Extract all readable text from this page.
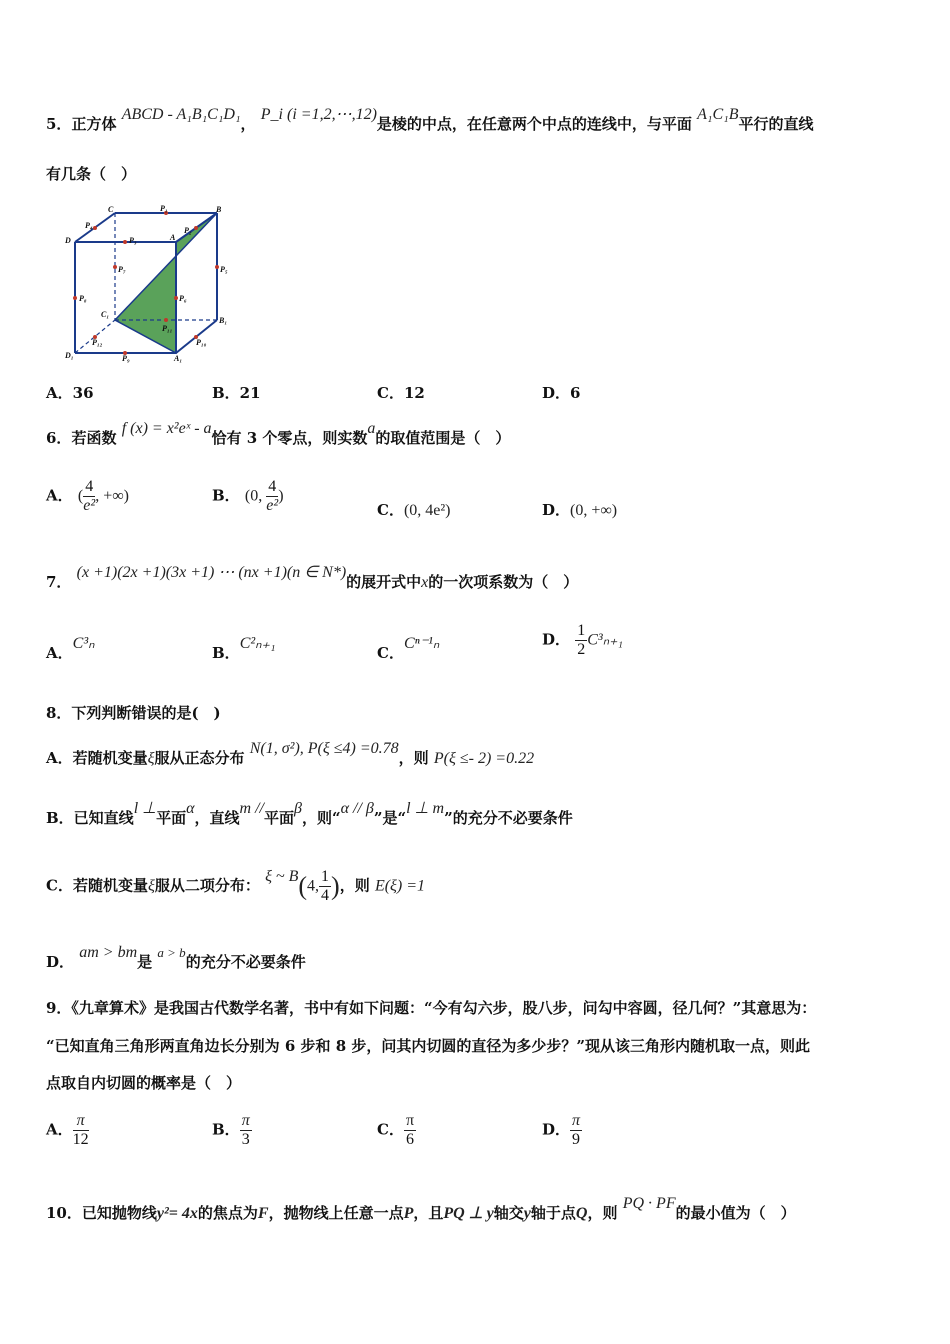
5．正方体 ABCD - A₁B₁C₁D₁， P_i (i =1,2,⋯,12)是棱的中点，在任意两个中点的连线中，与平面 A₁C₁B平行的直线
有几条（　）
C	B
D	A
C₁
B₁
D₁	A₁
P₁
P₂
P₃
P₄
P₅
P₆
P₇
P₈
P₉
P₁₀
P₁₁
P₁₂
A．36	B．21	C．12	D．6
6．若函数 f (x) = x²eˣ - a恰有 3 个零点，则实数a的取值范围是（　）
A． ( $\frac{4}{\text{e²}}$ , +∞)	B． (0, $\frac{4}{\text{e²}}$ )
C．(0, 4e²)	D．(0, +∞)
7． (x +1)(2x +1)(3x +1) ⋯ (nx +1)(n ∈ N*)的展开式中x的一次项系数为（　）
A．C³ₙ
B．C²ₙ₊₁
C．Cⁿ⁻¹ₙ	D． $\frac{1}{2} C^3_{n+1}$
8．下列判断错误的是(　)
A．若随机变量ξ服从正态分布 N(1, σ²), P(ξ ≤4) =0.78，则 P(ξ ≤- 2) =0.22
B．已知直线l ⊥平面α，直线m //平面β，则“α // β”是“l ⊥ m”的充分不必要条件
C．若随机变量ξ服从二项分布： ξ ~ B(4, $\frac{1}{4}$ )，则 E(ξ) =1
D． am > bm是 a > b的充分不必要条件
9．《九章算术》是我国古代数学名著，书中有如下问题：“今有勾六步，股八步，问勾中容圆，径几何？”其意思为：
“已知直角三角形两直角边长分别为 6 步和 8 步，问其内切圆的直径为多少步？”现从该三角形内随机取一点，则此
点取自内切圆的概率是（　）
A． $\frac{\pi}{12}$	B． $\frac{\pi}{3}$	C． $\frac{\pi}{6}$	D． $\frac{\pi}{9}$
10．已知抛物线y²= 4x的焦点为F，抛物线上任意一点P，且PQ ⊥ y轴交y轴于点Q，则 PQ · PF的最小值为（　）
